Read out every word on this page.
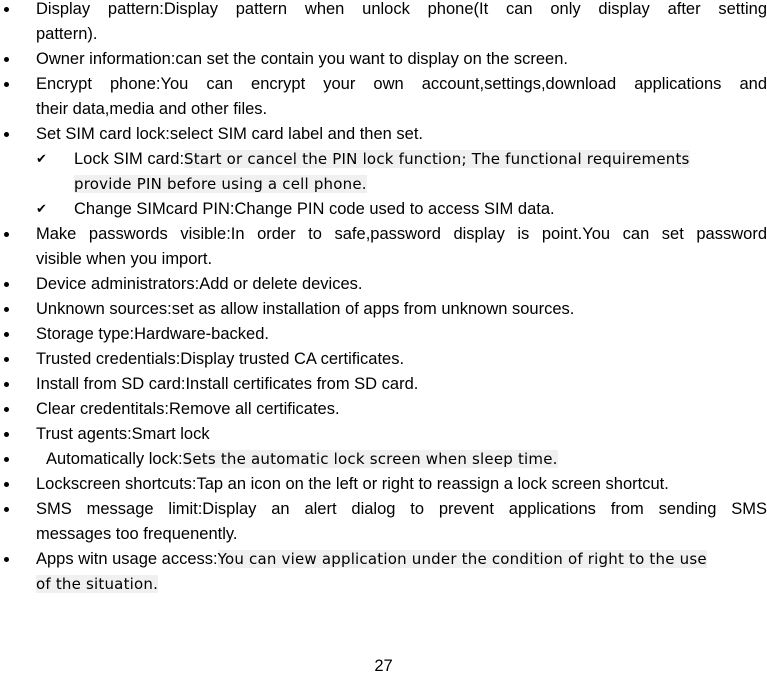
Display pattern:Display pattern when unlock phone(It can only display after setting
pattern).
Owner information:can set the contain you want to display on the screen.
Encrypt phone:You can encrypt your own account,settings,download applications and
their data,media and other files.
Set SIM card lock:select SIM card label and then set.
✔ Lock SIM card:Start or cancel the PIN lock function; The functional requirements
provide PIN before using a cell phone.
✔ Change SIMcard PIN:Change PIN code used to access SIM data.
Make passwords visible:In order to safe,password display is point.You can set password
visible when you import.
Device administrators:Add or delete devices.
Unknown sources:set as allow installation of apps from unknown sources.
Storage type:Hardware-backed.
Trusted credentials:Display trusted CA certificates.
Install from SD card:Install certificates from SD card.
Clear credentitals:Remove all certificates.
Trust agents:Smart lock
Automatically lock:Sets the automatic lock screen when sleep time.
Lockscreen shortcuts:Tap an icon on the left or right to reassign a lock screen shortcut.
SMS message limit:Display an alert dialog to prevent applications from sending SMS
messages too frequenently.
Apps witn usage access:You can view application under the condition of right to the use
of the situation.
27
